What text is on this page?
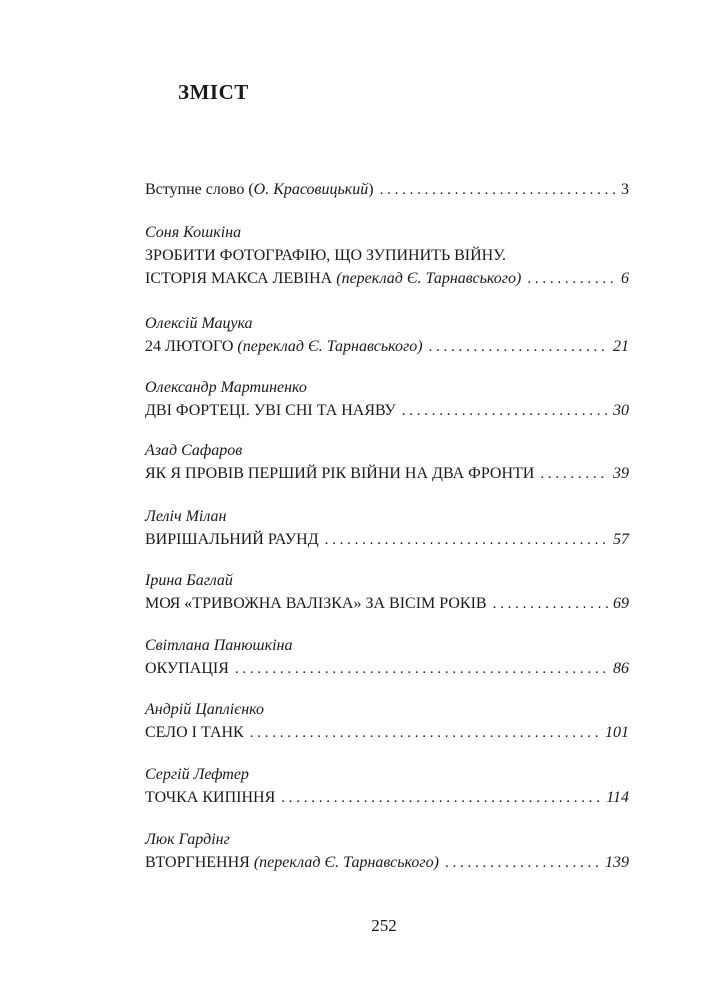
ЗМІСТ
Вступне слово (О. Красовицький) . . .	3
Соня Кошкіна
ЗРОБИТИ ФОТОГРАФІЮ, ЩО ЗУПИНИТЬ ВІЙНУ.
ІСТОРІЯ МАКСА ЛЕВІНА (переклад Є. Тарнавського) . . .	6
Олексій Мацука
24 ЛЮТОГО (переклад Є. Тарнавського) . . .	21
Олександр Мартиненко
ДВІ ФОРТЕЦІ. УВІ СНІ ТА НАЯВУ . . .	30
Азад Сафаров
ЯК Я ПРОВІВ ПЕРШИЙ РІК ВІЙНИ НА ДВА ФРОНТИ . . .	39
Леліч Мілан
ВИРІШАЛЬНИЙ РАУНД . . .	57
Ірина Баглай
МОЯ «ТРИВОЖНА ВАЛІЗКА» ЗА ВІСІМ РОКІВ . . .	69
Світлана Панюшкіна
ОКУПАЦІЯ . . .	86
Андрій Цаплієнко
СЕЛО І ТАНК . . .	101
Сергій Лефтер
ТОЧКА КИПІННЯ . . .	114
Люк Гардінг
ВТОРГНЕННЯ (переклад Є. Тарнавського) . . .	139
252
